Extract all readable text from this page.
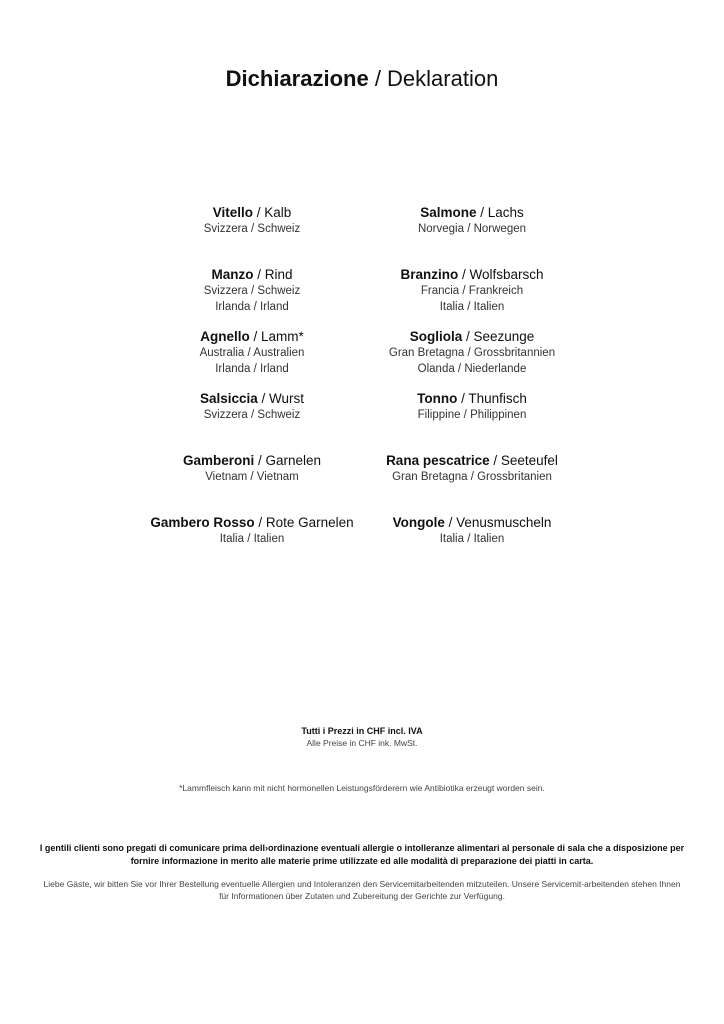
Dichiarazione / Deklaration
Vitello / Kalb
Svizzera / Schweiz
Manzo / Rind
Svizzera / Schweiz
Irlanda / Irland
Agnello / Lamm*
Australia / Australien
Irlanda / Irland
Salsiccia / Wurst
Svizzera / Schweiz
Gamberoni / Garnelen
Vietnam / Vietnam
Gambero Rosso / Rote Garnelen
Italia / Italien
Salmone / Lachs
Norvegia / Norwegen
Branzino / Wolfsbarsch
Francia / Frankreich
Italia / Italien
Sogliola / Seezunge
Gran Bretagna / Grossbritannien
Olanda / Niederlande
Tonno / Thunfisch
Filippine / Philippinen
Rana pescatrice / Seeteufel
Gran Bretagna / Grossbritanien
Vongole / Venusmuscheln
Italia / Italien
Tutti i Prezzi in CHF incl. IVA
Alle Preise in CHF ink. MwSt.
*Lammfleisch kann mit nicht hormonellen Leistungsförderern wie Antibiotika erzeugt worden sein.
I gentili clienti sono pregati di comunicare prima dell›ordinazione eventuali allergie o intolleranze alimentari al personale di sala che a disposizione per fornire informazione in merito alle materie prime utilizzate ed alle modalità di preparazione dei piatti in carta.
Liebe Gäste, wir bitten Sie vor Ihrer Bestellung eventuelle Allergien und Intoleranzen den Servicemitarbeitenden mitzuteilen. Unsere Servicemit-arbeitenden stehen Ihnen für Informationen über Zutaten und Zubereitung der Gerichte zur Verfügung.
